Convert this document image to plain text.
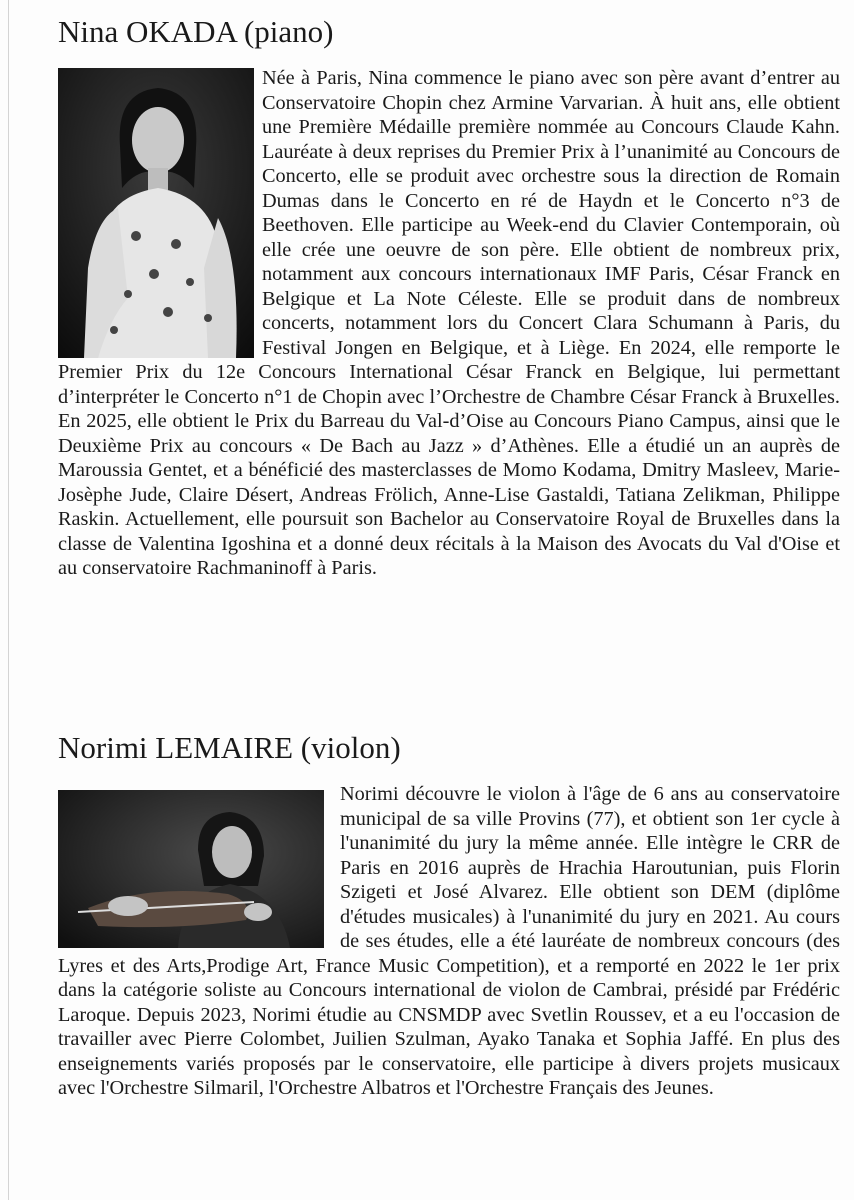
Nina OKADA (piano)
Née à Paris, Nina commence le piano avec son père avant d’entrer au Conservatoire Chopin chez Armine Varvarian. À huit ans, elle obtient une Première Médaille première nommée au Concours Claude Kahn. Lauréate à deux reprises du Premier Prix à l’unanimité au Concours de Concerto, elle se produit avec orchestre sous la direction de Romain Dumas dans le Concerto en ré de Haydn et le Concerto n°3 de Beethoven. Elle participe au Week-end du Clavier Contemporain, où elle crée une oeuvre de son père. Elle obtient de nombreux prix, notamment aux concours internationaux IMF Paris, César Franck en Belgique et La Note Céleste. Elle se produit dans de nombreux concerts, notamment lors du Concert Clara Schumann à Paris, du Festival Jongen en Belgique, et à Liège. En 2024, elle remporte le Premier Prix du 12e Concours International César Franck en Belgique, lui permettant d’interpréter le Concerto n°1 de Chopin avec l’Orchestre de Chambre César Franck à Bruxelles. En 2025, elle obtient le Prix du Barreau du Val-d’Oise au Concours Piano Campus, ainsi que le Deuxième Prix au concours « De Bach au Jazz » d’Athènes. Elle a étudié un an auprès de Maroussia Gentet, et a bénéficié des masterclasses de Momo Kodama, Dmitry Masleev, Marie-Josèphe Jude, Claire Désert, Andreas Frölich, Anne-Lise Gastaldi, Tatiana Zelikman, Philippe Raskin. Actuellement, elle poursuit son Bachelor au Conservatoire Royal de Bruxelles dans la classe de Valentina Igoshina et a donné deux récitals à la Maison des Avocats du Val d'Oise et au conservatoire Rachmaninoff à Paris.
Norimi LEMAIRE (violon)
Norimi découvre le violon à l'âge de 6 ans au conservatoire municipal de sa ville Provins (77), et obtient son 1er cycle à l'unanimité du jury la même année. Elle intègre le CRR de Paris en 2016 auprès de Hrachia Haroutunian, puis Florin Szigeti et José Alvarez. Elle obtient son DEM (diplôme d'études musicales) à l'unanimité du jury en 2021. Au cours de ses études, elle a été lauréate de nombreux concours (des Lyres et des Arts,Prodige Art, France Music Competition), et a remporté en 2022 le 1er prix dans la catégorie soliste au Concours international de violon de Cambrai, présidé par Frédéric Laroque. Depuis 2023, Norimi étudie au CNSMDP avec Svetlin Roussev, et a eu l'occasion de travailler avec Pierre Colombet, Juilien Szulman, Ayako Tanaka et Sophia Jaffé. En plus des enseignements variés proposés par le conservatoire, elle participe à divers projets musicaux avec l'Orchestre Silmaril, l'Orchestre Albatros et l'Orchestre Français des Jeunes.
